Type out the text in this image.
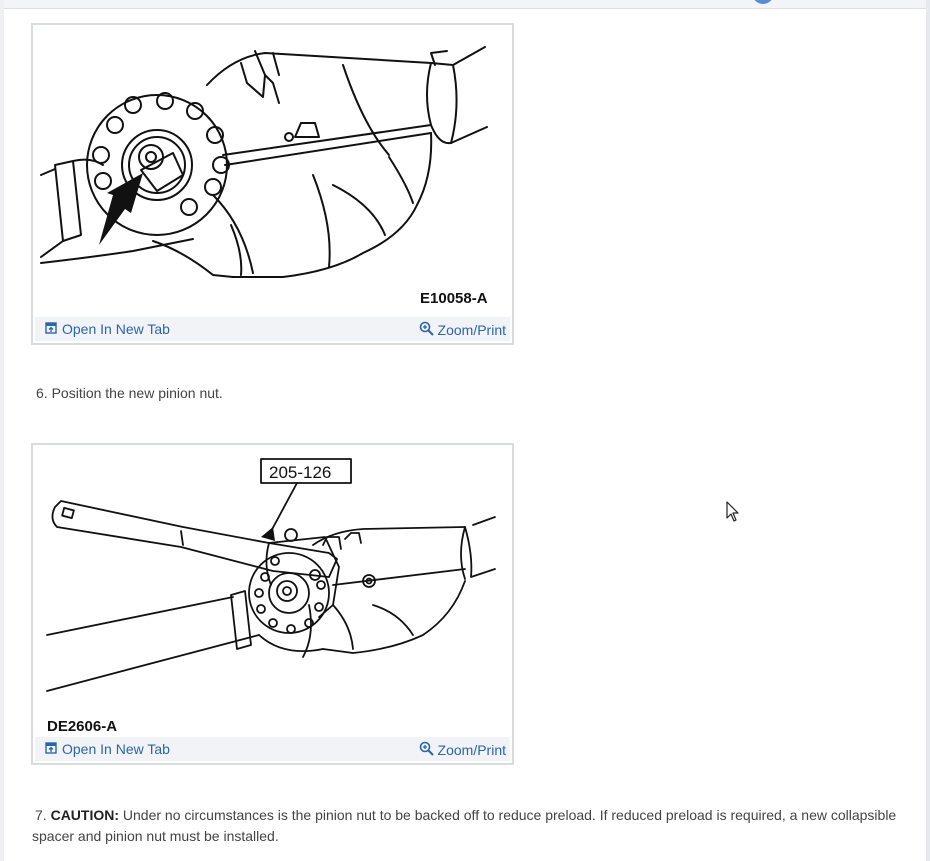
E10058-A
Open In New Tab	Zoom/Print
6. Position the new pinion nut.
205-126
DE2606-A
Open In New Tab	Zoom/Print
7. CAUTION: Under no circumstances is the pinion nut to be backed off to reduce preload. If reduced preload is required, a new collapsible spacer and pinion nut must be installed.
